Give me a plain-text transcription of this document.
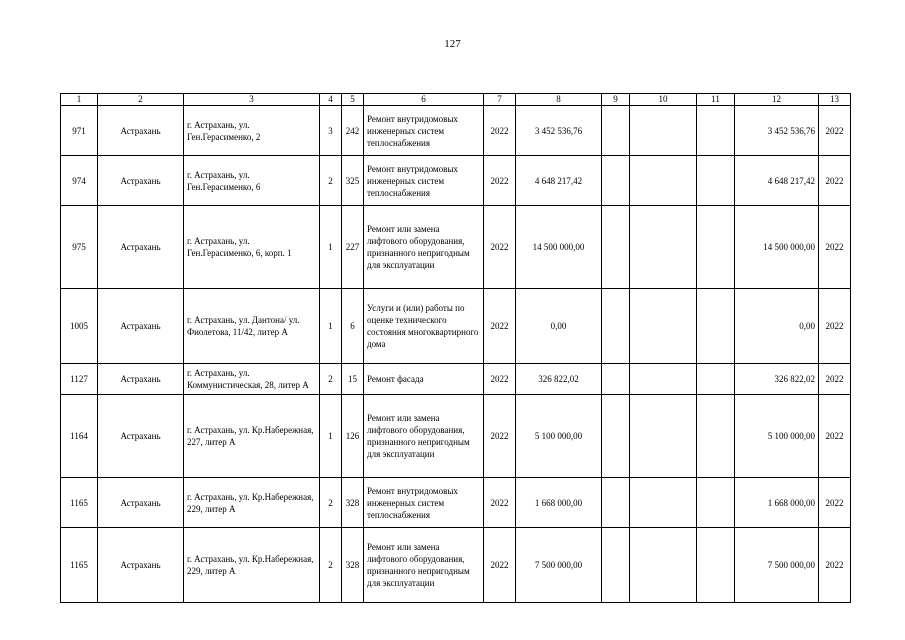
127
1	2	3	4	5	6	7	8	9	10	11	12	13
971	Астрахань	г. Астрахань, ул. Ген.Герасименко, 2	3	242	Ремонт внутридомовых инженерных систем теплоснабжения	2022	3 452 536,76				3 452 536,76	2022
974	Астрахань	г. Астрахань, ул. Ген.Герасименко, 6	2	325	Ремонт внутридомовых инженерных систем теплоснабжения	2022	4 648 217,42				4 648 217,42	2022
975	Астрахань	г. Астрахань, ул. Ген.Герасименко, 6, корп. 1	1	227	Ремонт или замена лифтового оборудования, признанного непригодным для эксплуатации	2022	14 500 000,00				14 500 000,00	2022
1005	Астрахань	г. Астрахань, ул. Дантона/ ул. Фиолетова, 11/42, литер А	1	6	Услуги и (или) работы по оценке технического состояния многоквартирного дома	2022	0,00				0,00	2022
1127	Астрахань	г. Астрахань, ул. Коммунистическая, 28, литер А	2	15	Ремонт фасада	2022	326 822,02				326 822,02	2022
1164	Астрахань	г. Астрахань, ул. Кр.Набережная, 227, литер А	1	126	Ремонт или замена лифтового оборудования, признанного непригодным для эксплуатации	2022	5 100 000,00				5 100 000,00	2022
1165	Астрахань	г. Астрахань, ул. Кр.Набережная, 229, литер А	2	328	Ремонт внутридомовых инженерных систем теплоснабжения	2022	1 668 000,00				1 668 000,00	2022
1165	Астрахань	г. Астрахань, ул. Кр.Набережная, 229, литер А	2	328	Ремонт или замена лифтового оборудования, признанного непригодным для эксплуатации	2022	7 500 000,00				7 500 000,00	2022
